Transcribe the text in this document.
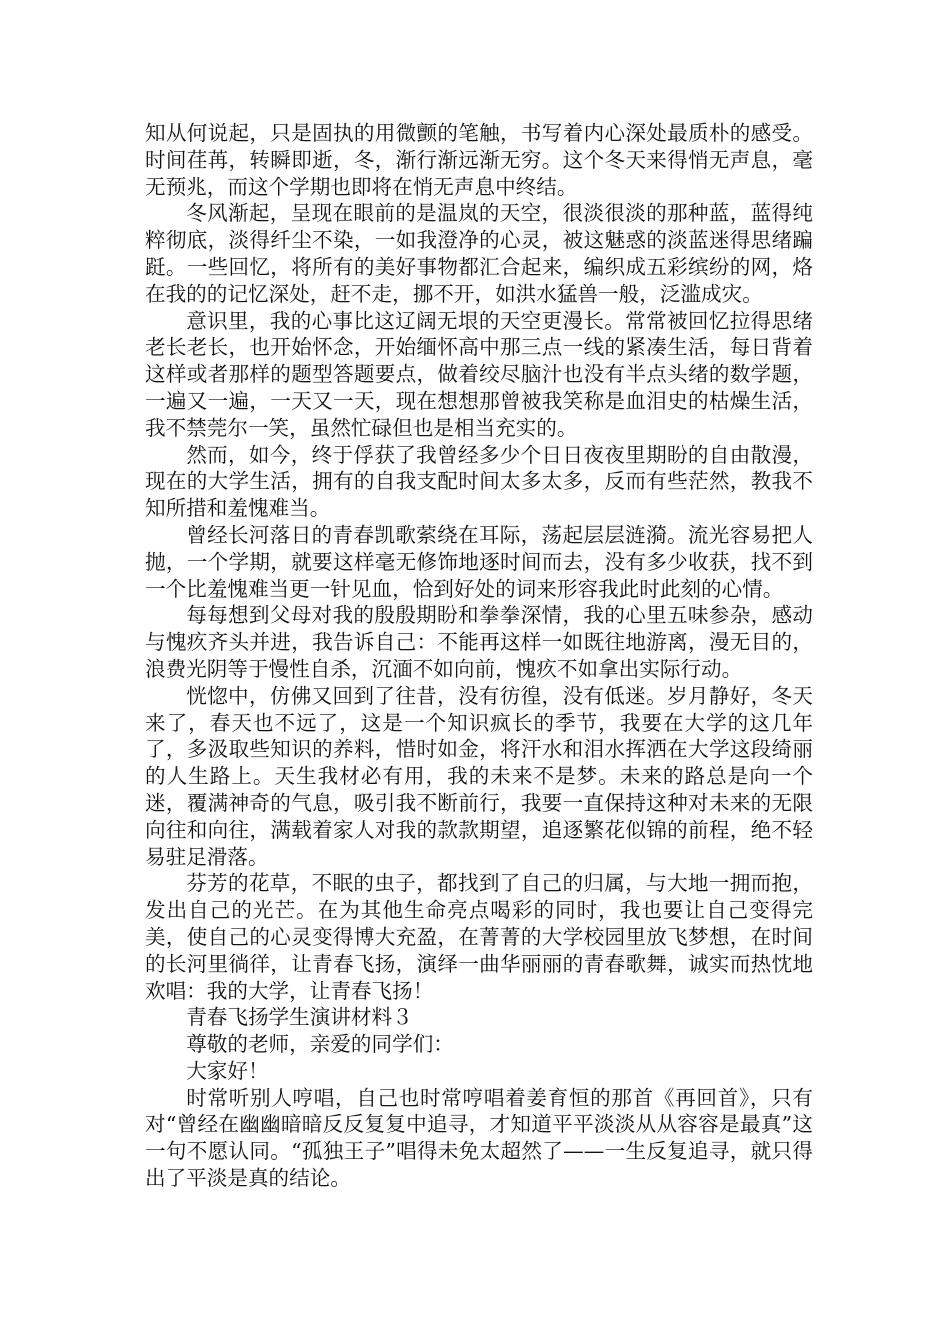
知从何说起，只是固执的用微颤的笔触，书写着内心深处最质朴的感受。时间荏苒，转瞬即逝，冬，渐行渐远渐无穷。这个冬天来得悄无声息，毫无预兆，而这个学期也即将在悄无声息中终结。

冬风渐起，呈现在眼前的是温岚的天空，很淡很淡的那种蓝，蓝得纯粹彻底，淡得纤尘不染，一如我澄净的心灵，被这魅惑的淡蓝迷得思绪蹁跹。一些回忆，将所有的美好事物都汇合起来，编织成五彩缤纷的网，烙在我的的记忆深处，赶不走，挪不开，如洪水猛兽一般，泛滥成灾。

意识里，我的心事比这辽阔无垠的天空更漫长。常常被回忆拉得思绪老长老长，也开始怀念，开始缅怀高中那三点一线的紧凑生活，每日背着这样或者那样的题型答题要点，做着绞尽脑汁也没有半点头绪的数学题，一遍又一遍，一天又一天，现在想想那曾被我笑称是血泪史的枯燥生活，我不禁莞尔一笑，虽然忙碌但也是相当充实的。

然而，如今，终于俘获了我曾经多少个日日夜夜里期盼的自由散漫，现在的大学生活，拥有的自我支配时间太多太多，反而有些茫然，教我不知所措和羞愧难当。

曾经长河落日的青春凯歌萦绕在耳际，荡起层层涟漪。流光容易把人抛，一个学期，就要这样毫无修饰地逐时间而去，没有多少收获，找不到一个比羞愧难当更一针见血，恰到好处的词来形容我此时此刻的心情。

每每想到父母对我的殷殷期盼和拳拳深情，我的心里五味参杂，感动与愧疚齐头并进，我告诉自己：不能再这样一如既往地游离，漫无目的，浪费光阴等于慢性自杀，沉湎不如向前，愧疚不如拿出实际行动。

恍惚中，仿佛又回到了往昔，没有彷徨，没有低迷。岁月静好，冬天来了，春天也不远了，这是一个知识疯长的季节，我要在大学的这几年了，多汲取些知识的养料，惜时如金，将汗水和泪水挥洒在大学这段绮丽的人生路上。天生我材必有用，我的未来不是梦。未来的路总是向一个迷，覆满神奇的气息，吸引我不断前行，我要一直保持这种对未来的无限向往和向往，满载着家人对我的款款期望，追逐繁花似锦的前程，绝不轻易驻足滑落。

芬芳的花草，不眠的虫子，都找到了自己的归属，与大地一拥而抱，发出自己的光芒。在为其他生命亮点喝彩的同时，我也要让自己变得完美，使自己的心灵变得博大充盈，在菁菁的大学校园里放飞梦想，在时间的长河里徜徉，让青春飞扬，演绎一曲华丽丽的青春歌舞，诚实而热忱地欢唱：我的大学，让青春飞扬！

青春飞扬学生演讲材料３

尊敬的老师，亲爱的同学们：

大家好！

时常听别人哼唱，自己也时常哼唱着姜育恒的那首《再回首》，只有对“曾经在幽幽暗暗反反复复中追寻，才知道平平淡淡从从容容是最真”这一句不愿认同。“孤独王子”唱得未免太超然了——一生反复追寻，就只得出了平淡是真的结论。
